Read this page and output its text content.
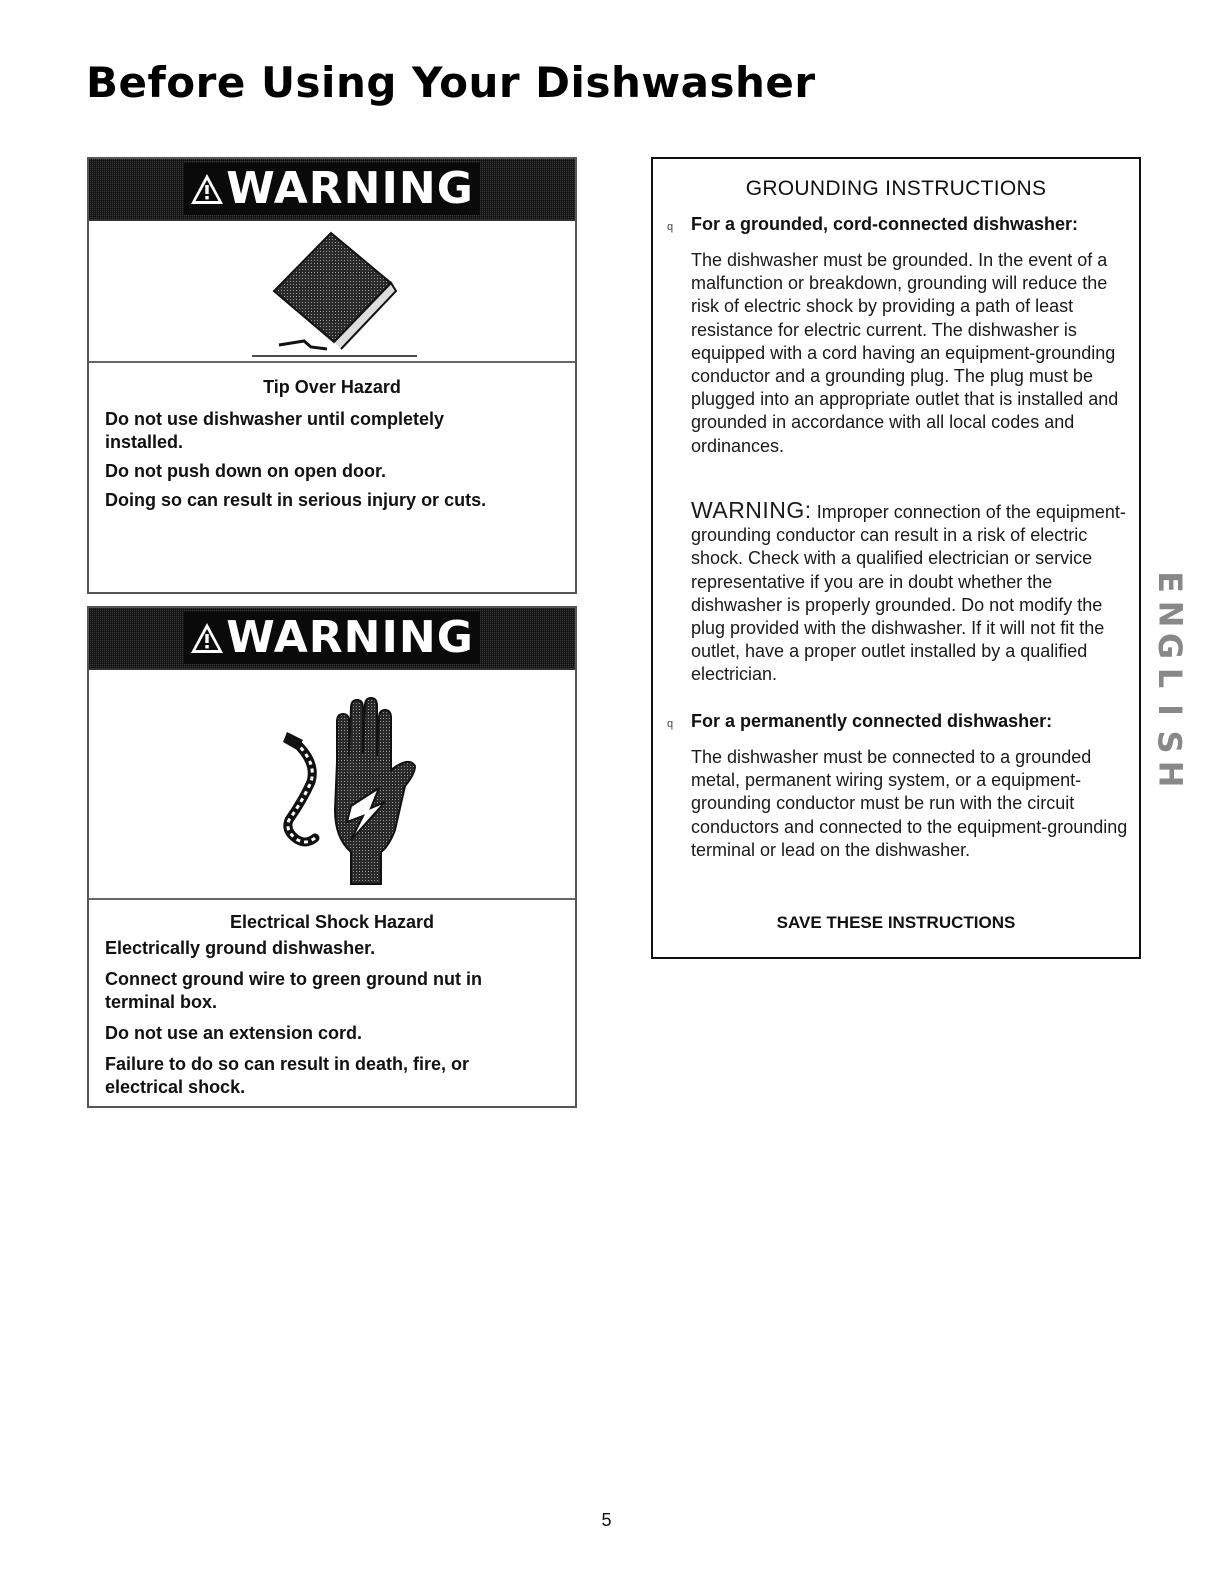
Before Using Your Dishwasher
WARNING

Tip Over Hazard

Do not use dishwasher until completely

installed.

Do not push down on open door.

Doing so can result in serious injury or cuts.

WARNING

Electrical Shock Hazard

Electrically ground dishwasher.

Connect ground wire to green ground nut in

terminal box.

Do not use an extension cord.

Failure to do so can result in death, fire, or

electrical shock.

GROUNDING INSTRUCTIONS
q For a grounded, cord-connected dishwasher:

The dishwasher must be grounded. In the event of a malfunction or breakdown, grounding will reduce the risk of electric shock by providing a path of least resistance for electric current. The dishwasher is equipped with a cord having an equipment-grounding conductor and a grounding plug. The plug must be plugged into an appropriate outlet that is installed and grounded in accordance with all local codes and ordinances.

WARNING: Improper connection of the equipment-grounding conductor can result in a risk of electric shock. Check with a qualified electrician or service representative if you are in doubt whether the dishwasher is properly grounded. Do not modify the plug provided with the dishwasher. If it will not fit the outlet, have a proper outlet installed by a qualified electrician.

q For a permanently connected dishwasher:

The dishwasher must be connected to a grounded metal, permanent wiring system, or a equipment-grounding conductor must be run with the circuit conductors and connected to the equipment-grounding terminal or lead on the dishwasher.

SAVE THESE INSTRUCTIONS

E
N
G
L
I
S
H

5
